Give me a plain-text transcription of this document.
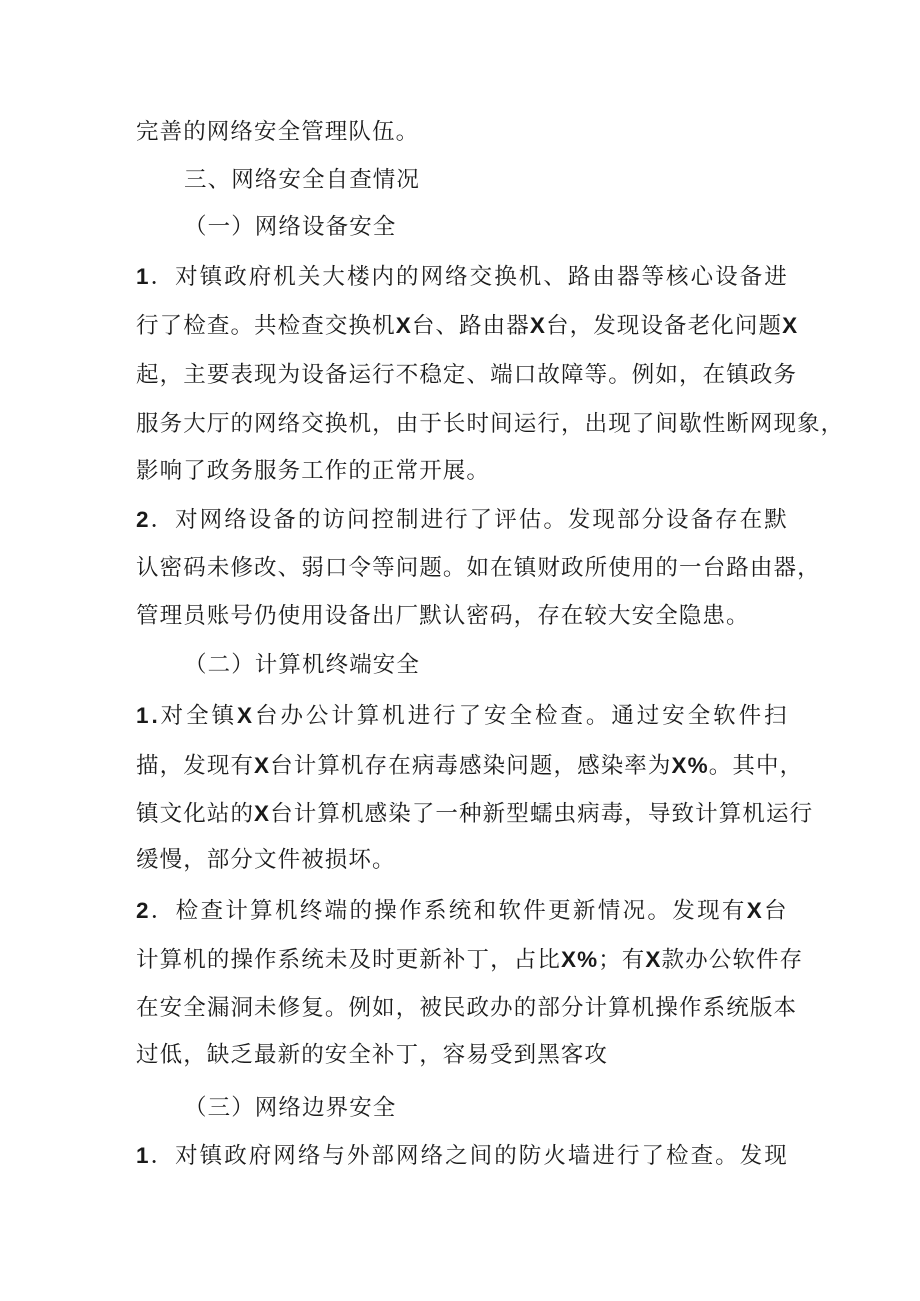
完善的网络安全管理队伍。
三、网络安全自查情况
（一）网络设备安全
1 ． 对 镇 政 府 机 关 大 楼 内 的 网 络 交 换 机 、 路 由 器 等 核 心 设 备 进
行 了 检 查 。 共 检 查 交 换 机 X 台 、 路 由 器 X 台 ， 发 现 设 备 老 化 问 题 X
起 ， 主 要 表 现 为 设 备 运 行 不 稳 定 、 端 口 故 障 等 。 例 如 ， 在 镇 政 务
服 务 大 厅 的 网 络 交 换 机 ， 由 于 长 时 间 运 行 ， 出 现 了 间 歇 性 断 网 现 象 ，
影响了政务服务工作的正常开展。
2 ． 对 网 络 设 备 的 访 问 控 制 进 行 了 评 估 。 发 现 部 分 设 备 存 在 默
认 密 码 未 修 改 、 弱 口 令 等 问 题 。 如 在 镇 财 政 所 使 用 的 一 台 路 由 器 ，
管理员账号仍使用设备出厂默认密码，存在较大安全隐患。
（二）计算机终端安全
1 . 对 全 镇 X 台 办 公 计 算 机 进 行 了 安 全 检 查 。 通 过 安 全 软 件 扫
描 ， 发 现 有 X 台 计 算 机 存 在 病 毒 感 染 问 题 ， 感 染 率 为 X % 。 其 中 ，
镇 文 化 站 的 X 台 计 算 机 感 染 了 一 种 新 型 蠕 虫 病 毒 ， 导 致 计 算 机 运 行
缓慢，部分文件被损坏。
2 ． 检 查 计 算 机 终 端 的 操 作 系 统 和 软 件 更 新 情 况 。 发 现 有 X 台
计 算 机 的 操 作 系 统 未 及 时 更 新 补 丁 ， 占 比 X % ； 有 X 款 办 公 软 件 存
在 安 全 漏 洞 未 修 复 。 例 如 ， 被 民 政 办 的 部 分 计 算 机 操 作 系 统 版 本
过低，缺乏最新的安全补丁，容易受到黑客攻
（三）网络边界安全
1 ． 对 镇 政 府 网 络 与 外 部 网 络 之 间 的 防 火 墙 进 行 了 检 查 。 发 现
